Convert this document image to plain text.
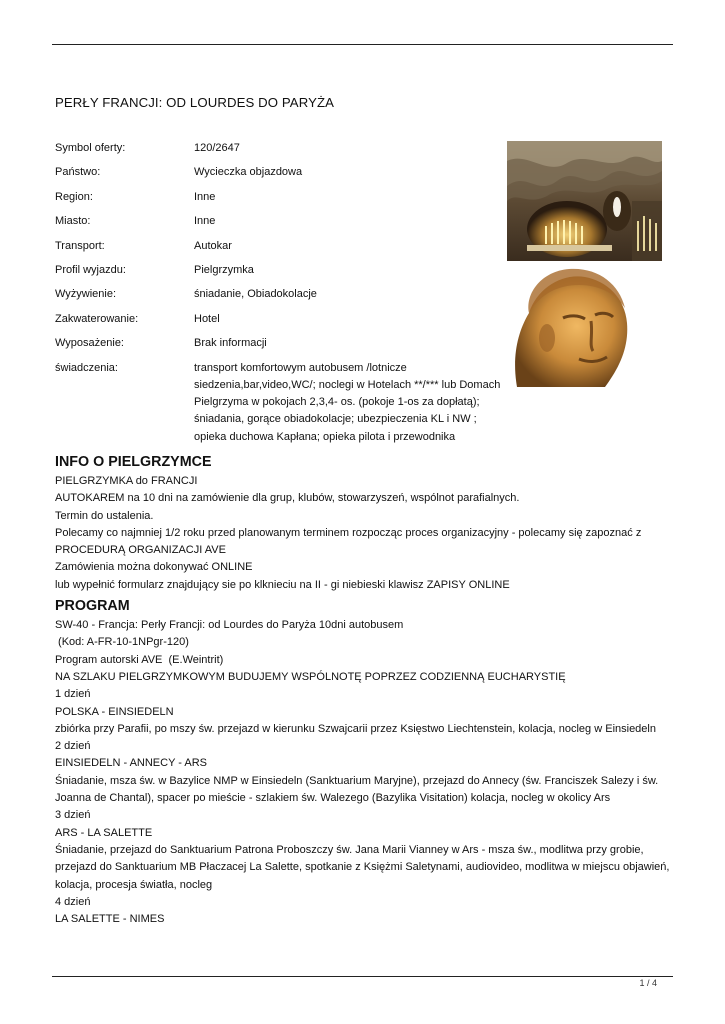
PERŁY FRANCJI: OD LOURDES DO PARYŻA
Symbol oferty:	120/2647
Państwo:	Wycieczka objazdowa
Region:	Inne
Miasto:	Inne
Transport:	Autokar
Profil wyjazdu:	Pielgrzymka
Wyżywienie:	śniadanie, Obiadokolacje
Zakwaterowanie:	Hotel
Wyposażenie:	Brak informacji
świadczenia:	transport komfortowym autobusem /lotnicze siedzenia,bar,video,WC/; noclegi w Hotelach **/*** lub Domach Pielgrzyma w pokojach 2,3,4- os. (pokoje 1-os za dopłatą); śniadania, gorące obiadokolacje; ubezpieczenia KL i NW ; opieka duchowa Kapłana; opieka pilota i przewodnika
INFO O PIELGRZYMCE

PIELGRZYMKA do FRANCJI

AUTOKAREM na 10 dni na zamówienie dla grup, klubów, stowarzyszeń, wspólnot parafialnych.

Termin do ustalenia.

Polecamy co najmniej 1/2 roku przed planowanym terminem rozpocząc proces organizacyjny - polecamy się zapoznać z

PROCEDURĄ ORGANIZACJI AVE

Zamówienia można dokonywać ONLINE

lub wypełnić formularz znajdujący sie po klknieciu na II - gi niebieski klawisz ZAPISY ONLINE

PROGRAM

SW-40 - Francja: Perły Francji: od Lourdes do Paryża 10dni autobusem

(Kod: A-FR-10-1NPgr-120)

Program autorski AVE  (E.Weintrit)

NA SZLAKU PIELGRZYMKOWYM BUDUJEMY WSPÓLNOTĘ POPRZEZ CODZIENNĄ EUCHARYSTIĘ

1 dzień

POLSKA - EINSIEDELN

zbiórka przy Parafii, po mszy św. przejazd w kierunku Szwajcarii przez Księstwo Liechtenstein, kolacja, nocleg w Einsiedeln

2 dzień

EINSIEDELN - ANNECY - ARS

Śniadanie, msza św. w Bazylice NMP w Einsiedeln (Sanktuarium Maryjne), przejazd do Annecy (św. Franciszek Salezy i św. Joanna de Chantal), spacer po mieście - szlakiem św. Walezego (Bazylika Visitation) kolacja, nocleg w okolicy Ars

3 dzień

ARS - LA SALETTE

Śniadanie, przejazd do Sanktuarium Patrona Proboszczy św. Jana Marii Vianney w Ars - msza św., modlitwa przy grobie, przejazd do Sanktuarium MB Płaczacej La Salette, spotkanie z Księżmi Saletynami, audiovideo, modlitwa w miejscu objawień, kolacja, procesja światła, nocleg

4 dzień

LA SALETTE - NIMES

1 / 4
